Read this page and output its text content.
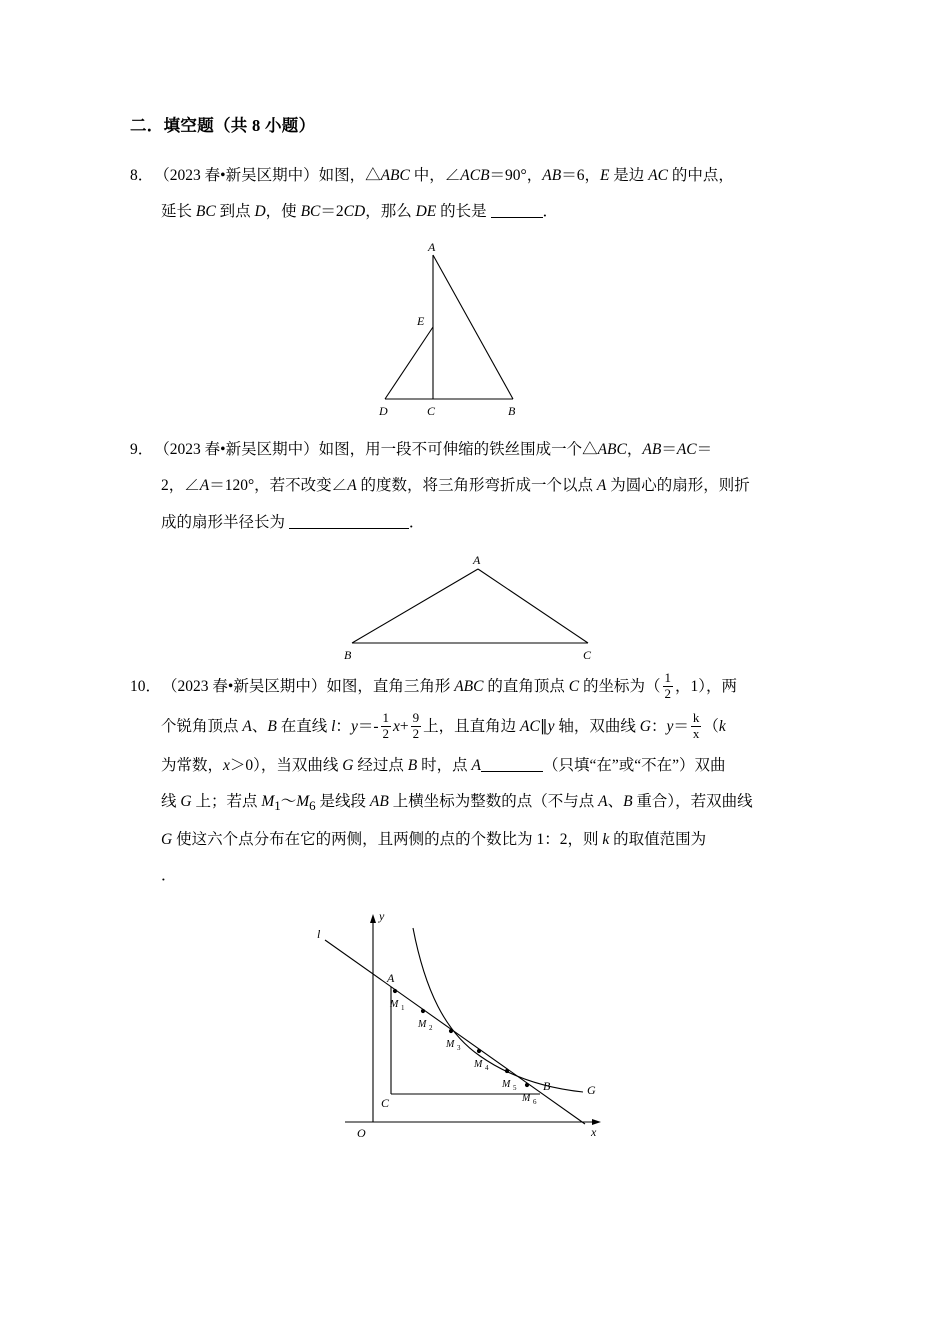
二．填空题（共 8 小题）
8． （2023 春•新吴区期中）如图，△ABC 中，∠ACB＝90°，AB＝6，E 是边 AC 的中点，
延长 BC 到点 D，使 BC＝2CD，那么 DE 的长是	．
A
E
D	C	B
9． （2023 春•新吴区期中）如图，用一段不可伸缩的铁丝围成一个△ABC，AB＝AC＝
2，∠A＝120°，若不改变∠A 的度数，将三角形弯折成一个以点 A 为圆心的扇形，则折
成的扇形半径长为	．
A
B	C
10． （2023 春•新吴区期中）如图，直角三角形 ABC 的直角顶点 C 的坐标为（ $\frac{1}{2}$ ，1），两
个锐角顶点 A、B 在直线 l：$y=- \frac{1}{2} x+ \frac{9}{2}$ 上，且直角边 AC∥y 轴，双曲线 G：$y= \frac{k}{x} (k$
为常数，x＞0），当双曲线 G 经过点 B 时，点 A	（只填“在”或“不在”）双曲
线 G 上；若点 $M_1\sim M_6$ 是线段 AB 上横坐标为整数的点（不与点 A、B 重合），若双曲线
G 使这六个点分布在它的两侧，且两侧的点的个数比为 1：2，则 k 的取值范围为
．
y
x
O
l
G
A
C
B
M 1
M 2
M 3
M 4
M 5
M 6
